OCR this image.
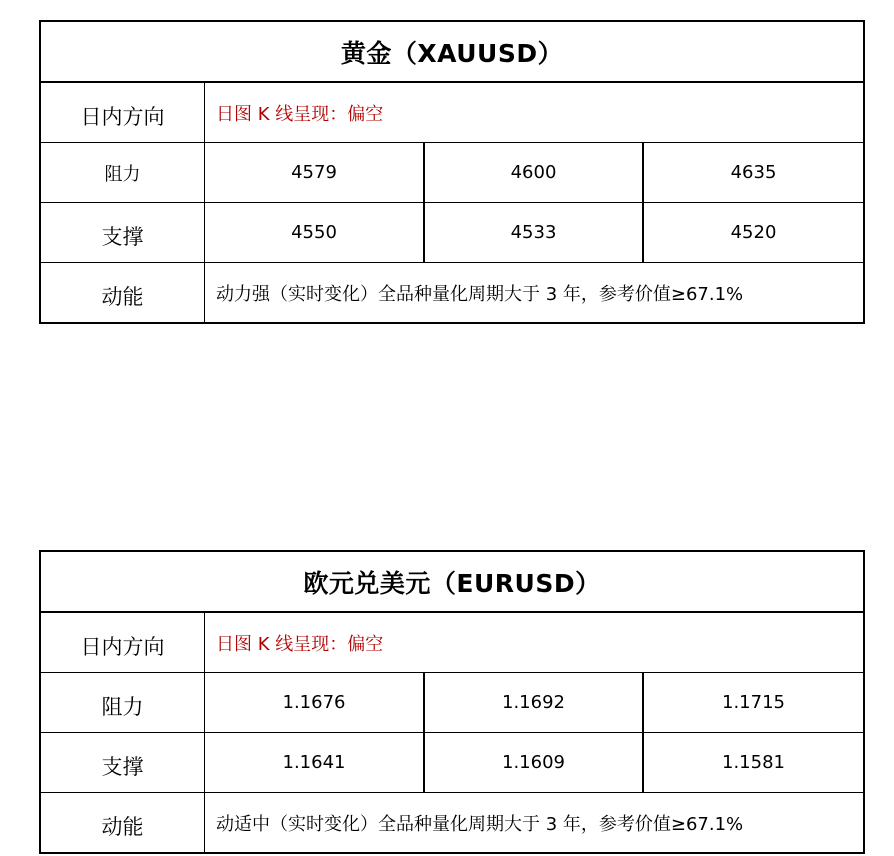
黄金（XAUUSD）
日内方向	日图 K 线呈现：偏空
阻力	4579	4600	4635
支撑	4550	4533	4520
动能	动力强（实时变化）全品种量化周期大于 3 年，参考价值≥67.1%
欧元兑美元（EURUSD）
日内方向	日图 K 线呈现：偏空
阻力	1.1676	1.1692	1.1715
支撑	1.1641	1.1609	1.1581
动能	动适中（实时变化）全品种量化周期大于 3 年，参考价值≥67.1%
